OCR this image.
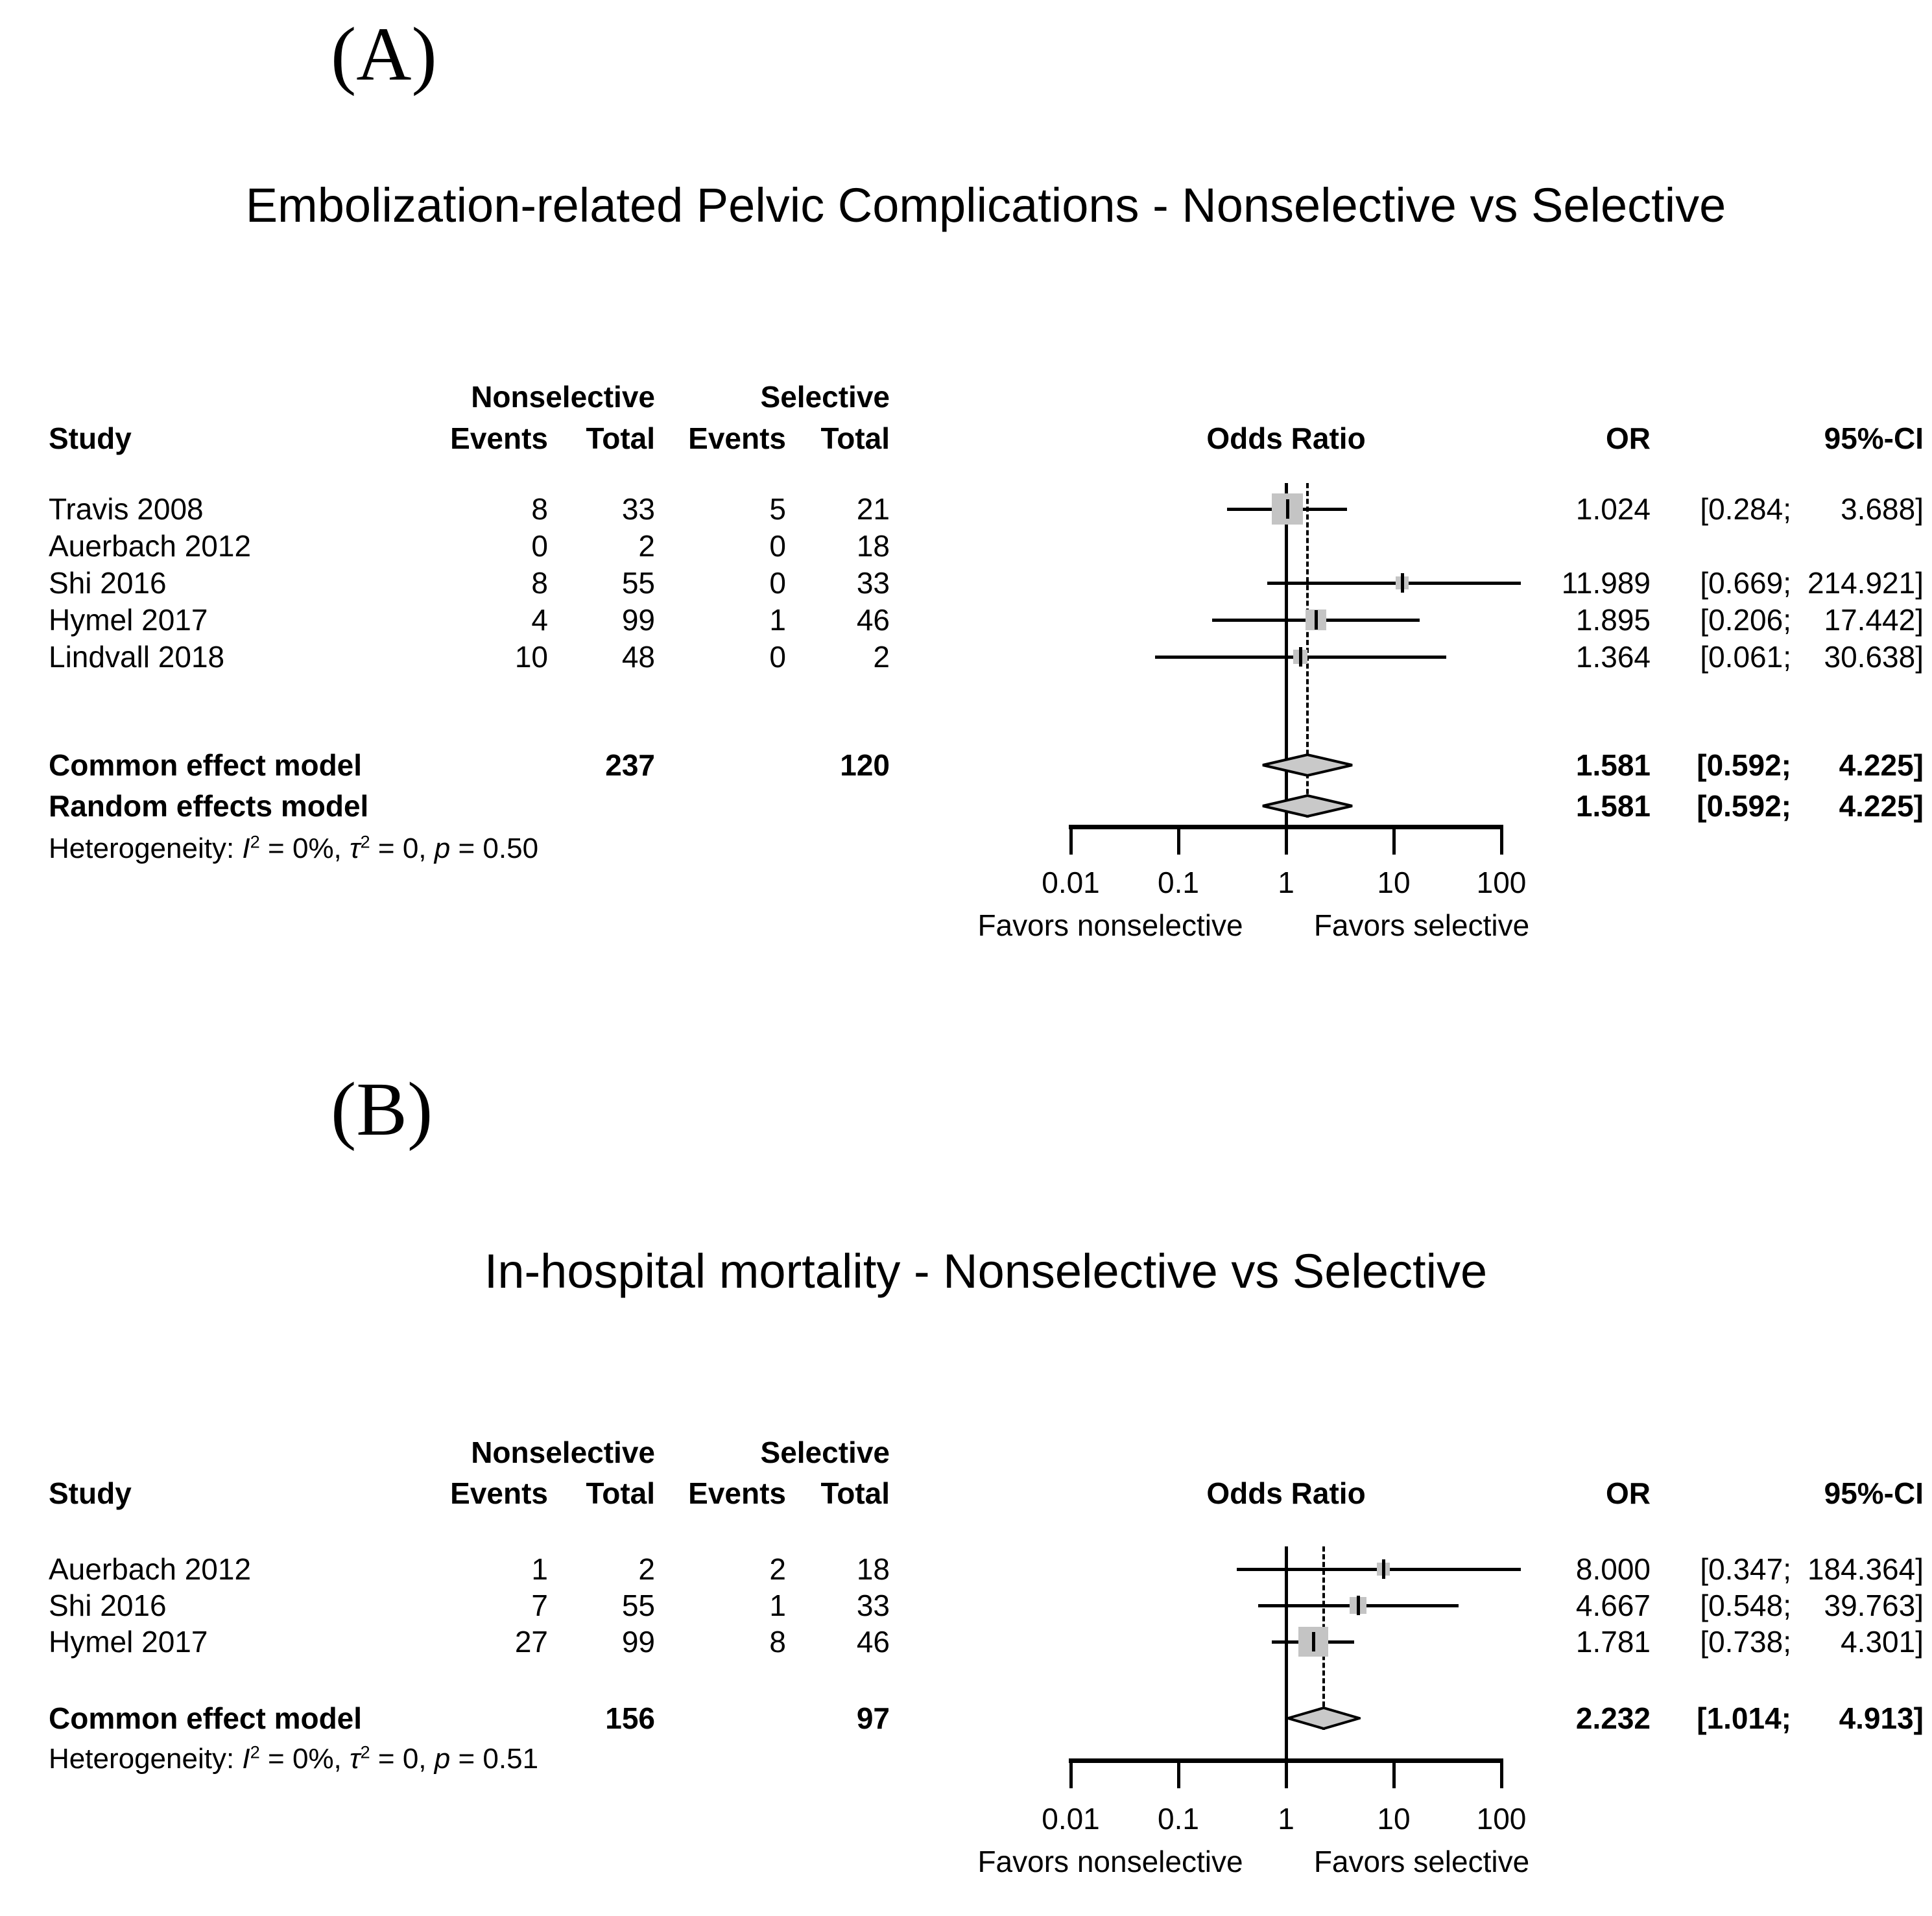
(A)
Embolization-related Pelvic Complications - Nonselective vs Selective
Nonselective	Selective
Study	Events Total Events Total	Odds Ratio	OR	95%-CI
Travis 2008	8 33	5 21	1.024 [0.284; 3.688]
Auerbach 2012	0	2	0 18
Shi 2016	8 55	0 33	11.989 [0.669; 214.921]
Hymel 2017	4 99	1 46	1.895 [0.206; 17.442]
Lindvall 2018	10 48	0	2	1.364 [0.061; 30.638]
Common effect model	237	120	1.581 [0.592; 4.225]
Random effects model	1.581 [0.592; 4.225]
Heterogeneity: $I^2 = 0\%$, $\tau^2 = 0$, p = 0.50
0.01 0.1	1	10 100
Favors nonselective Favors selective
(B)
In-hospital mortality - Nonselective vs Selective
Nonselective	Selective
Study	Events Total Events Total	Odds Ratio	OR	95%-CI
Auerbach 2012	1	2	2 18	8.000 [0.347; 184.364]
Shi 2016	7 55	1 33	4.667 [0.548; 39.763]
Hymel 2017	27 99	8 46	1.781 [0.738; 4.301]
Common effect model	156	97	2.232 [1.014; 4.913]
Heterogeneity: $I^2 = 0\%$, $\tau^2 = 0$, p = 0.51
0.01 0.1	1	10 100
Favors nonselective Favors selective
